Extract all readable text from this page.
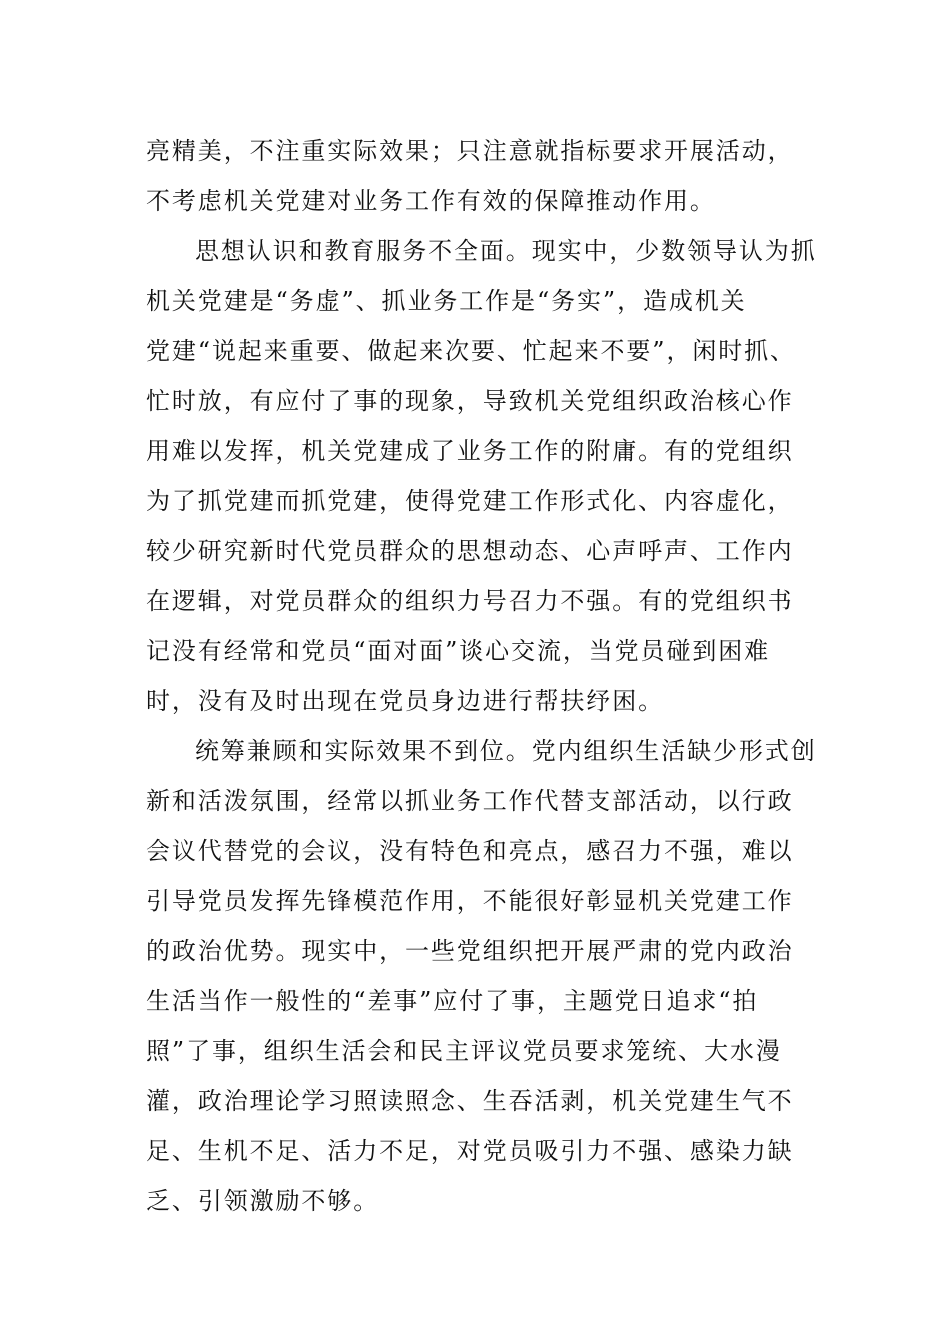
亮精美，不注重实际效果；只注意就指标要求开展活动，
不考虑机关党建对业务工作有效的保障推动作用。
思想认识和教育服务不全面。现实中，少数领导认为抓
机关党建是“务虚”、抓业务工作是“务实”，造成机关
党建“说起来重要、做起来次要、忙起来不要”，闲时抓、
忙时放，有应付了事的现象，导致机关党组织政治核心作
用难以发挥，机关党建成了业务工作的附庸。有的党组织
为了抓党建而抓党建，使得党建工作形式化、内容虚化，
较少研究新时代党员群众的思想动态、心声呼声、工作内
在逻辑，对党员群众的组织力号召力不强。有的党组织书
记没有经常和党员“面对面”谈心交流，当党员碰到困难
时，没有及时出现在党员身边进行帮扶纾困。
统筹兼顾和实际效果不到位。党内组织生活缺少形式创
新和活泼氛围，经常以抓业务工作代替支部活动，以行政
会议代替党的会议，没有特色和亮点，感召力不强，难以
引导党员发挥先锋模范作用，不能很好彰显机关党建工作
的政治优势。现实中，一些党组织把开展严肃的党内政治
生活当作一般性的“差事”应付了事，主题党日追求“拍
照”了事，组织生活会和民主评议党员要求笼统、大水漫
灌，政治理论学习照读照念、生吞活剥，机关党建生气不
足、生机不足、活力不足，对党员吸引力不强、感染力缺
乏、引领激励不够。
